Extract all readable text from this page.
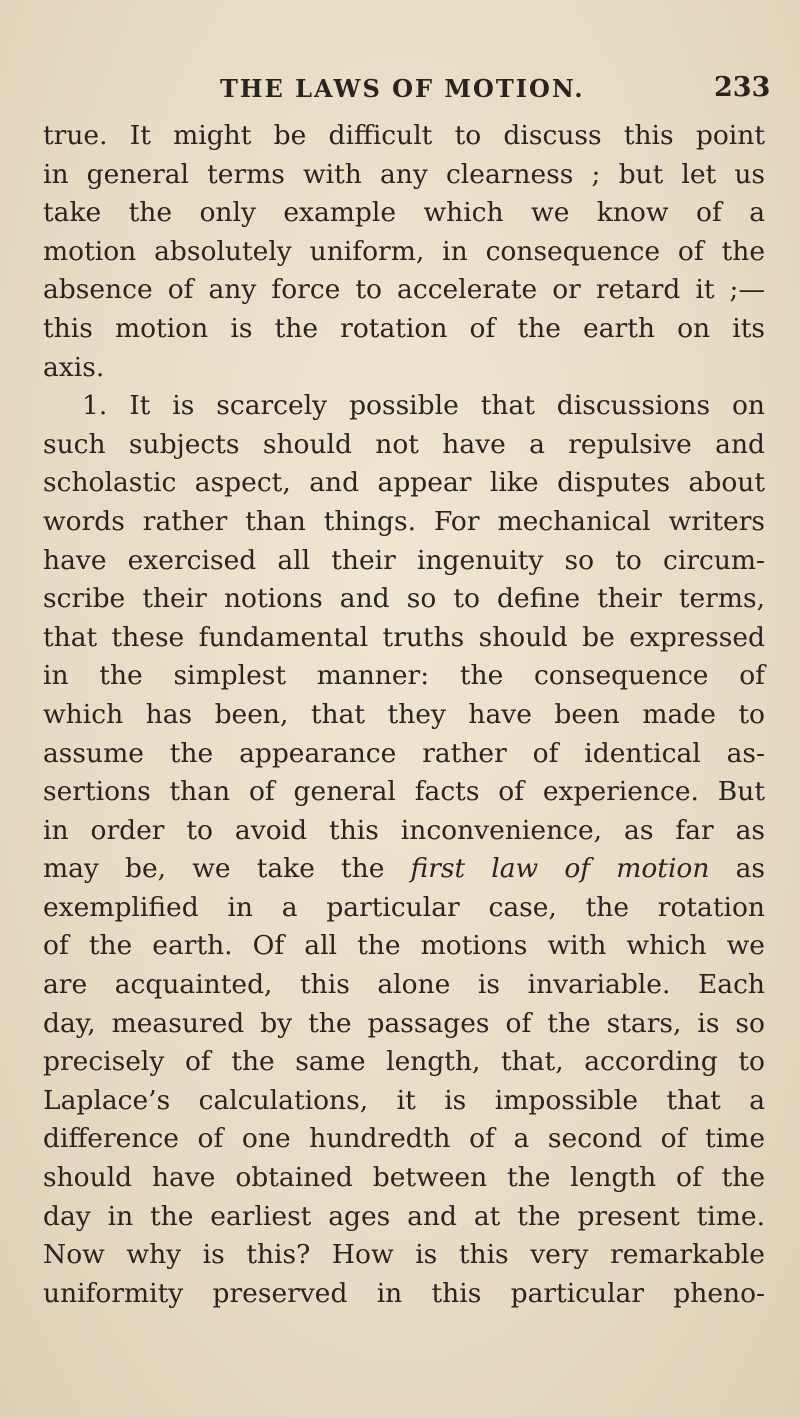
THE LAWS OF MOTION.	233
true. It might be difficult to discuss this point
in general terms with any clearness ; but let us
take the only example which we know of a
motion absolutely uniform, in consequence of the
absence of any force to accelerate or retard it ;—
this motion is the rotation of the earth on its
axis.
1. It is scarcely possible that discussions on
such subjects should not have a repulsive and
scholastic aspect, and appear like disputes about
words rather than things. For mechanical writers
have exercised all their ingenuity so to circum-
scribe their notions and so to define their terms,
that these fundamental truths should be expressed
in the simplest manner: the consequence of
which has been, that they have been made to
assume the appearance rather of identical as-
sertions than of general facts of experience. But
in order to avoid this inconvenience, as far as
may be, we take the first law of motion as
exemplified in a particular case, the rotation
of the earth. Of all the motions with which we
are acquainted, this alone is invariable. Each
day, measured by the passages of the stars, is so
precisely of the same length, that, according to
Laplace’s calculations, it is impossible that a
difference of one hundredth of a second of time
should have obtained between the length of the
day in the earliest ages and at the present time.
Now why is this? How is this very remarkable
uniformity preserved in this particular pheno-
